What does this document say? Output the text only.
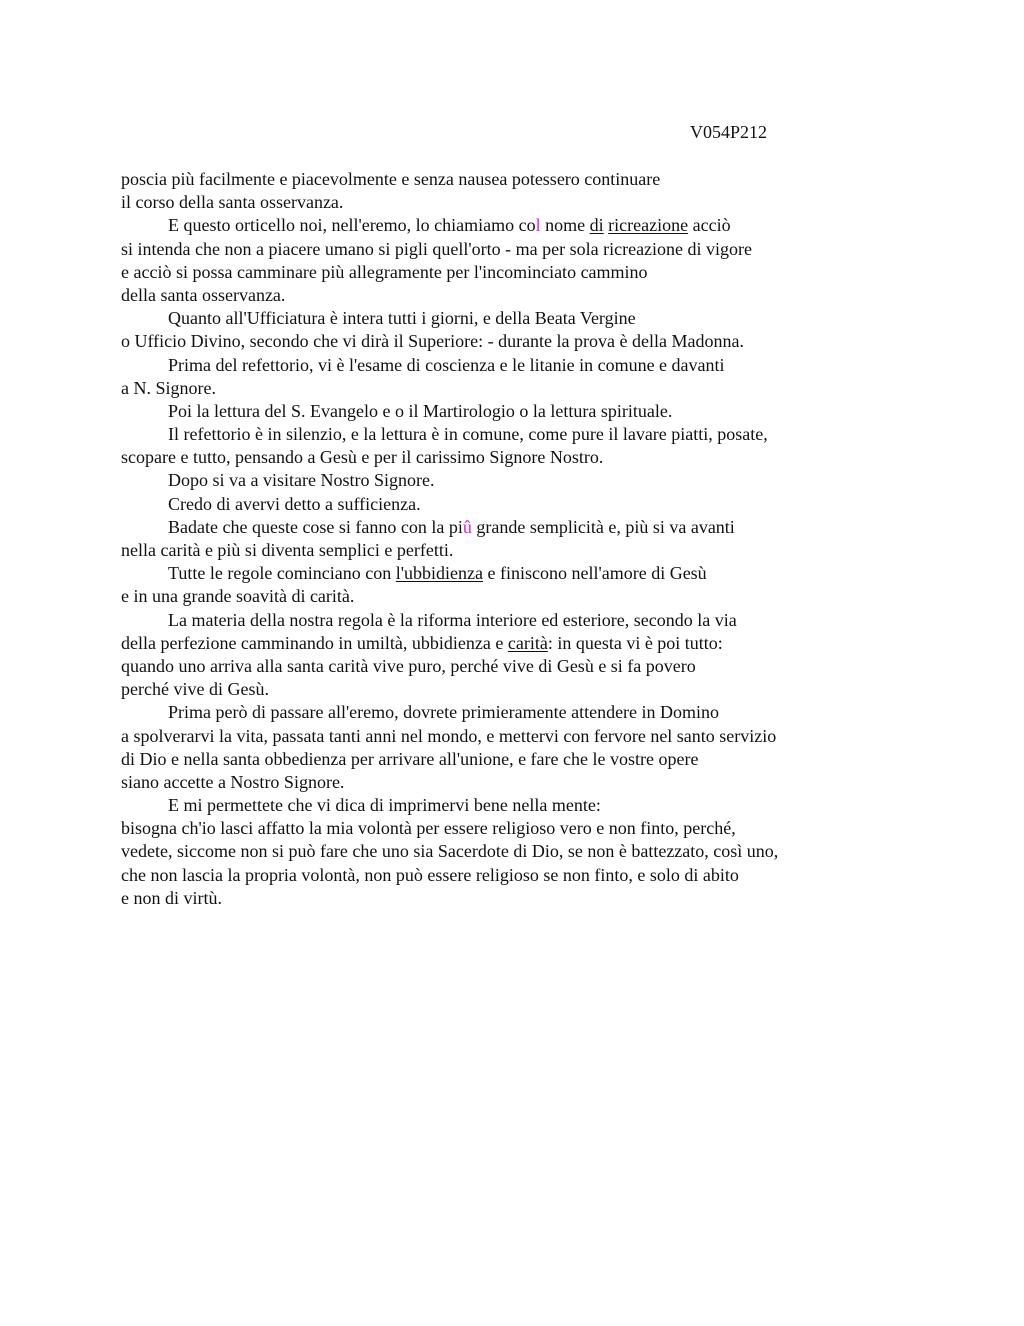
V054P212
poscia più facilmente e piacevolmente e senza nausea potessero continuare
il corso della santa osservanza.
E questo orticello noi, nell'eremo, lo chiamiamo col nome di ricreazione acciò
si intenda che non a piacere umano si pigli quell'orto - ma per sola ricreazione di vigore
e acciò si possa camminare più allegramente per l'incominciato cammino
della santa osservanza.
Quanto all'Ufficiatura è intera tutti i giorni, e della Beata Vergine
o Ufficio Divino, secondo che vi dirà il Superiore: - durante la prova è della Madonna.
Prima del refettorio, vi è l'esame di coscienza e le litanie in comune e davanti
a N. Signore.
Poi la lettura del S. Evangelo e o il Martirologio o la lettura spirituale.
Il refettorio è in silenzio, e la lettura è in comune, come pure il lavare piatti, posate,
scopare e tutto, pensando a Gesù e per il carissimo Signore Nostro.
Dopo si va a visitare Nostro Signore.
Credo di avervi detto a sufficienza.
Badate che queste cose si fanno con la piû grande semplicità e, più si va avanti
nella carità e più si diventa semplici e perfetti.
Tutte le regole cominciano con l'ubbidienza e finiscono nell'amore di Gesù
e in una grande soavità di carità.
La materia della nostra regola è la riforma interiore ed esteriore, secondo la via
della perfezione camminando in umiltà, ubbidienza e carità: in questa vi è poi tutto:
quando uno arriva alla santa carità vive puro, perché vive di Gesù e si fa povero
perché vive di Gesù.
Prima però di passare all'eremo, dovrete primieramente attendere in Domino
a spolverarvi la vita, passata tanti anni nel mondo, e mettervi con fervore nel santo servizio
di Dio e nella santa obbedienza per arrivare all'unione, e fare che le vostre opere
siano accette a Nostro Signore.
E mi permettete che vi dica di imprimervi bene nella mente:
bisogna ch'io lasci affatto la mia volontà per essere religioso vero e non finto, perché,
vedete, siccome non si può fare che uno sia Sacerdote di Dio, se non è battezzato, così uno,
che non lascia la propria volontà, non può essere religioso se non finto, e solo di abito
e non di virtù.
